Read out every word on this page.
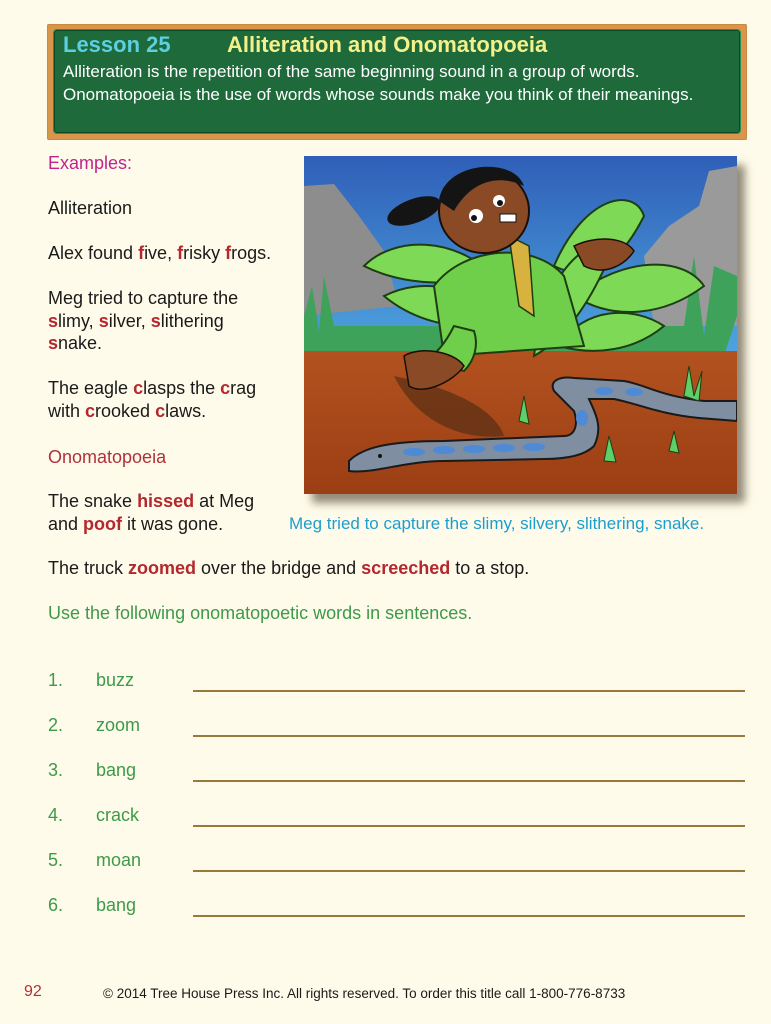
Lesson 25	Alliteration and Onomatopoeia
Alliteration is the repetition of the same beginning sound in a group of words. Onomatopoeia is the use of words whose sounds make you think of their meanings.
Examples:
Alliteration
Alex found five, frisky frogs.
Meg tried to capture the
slimy, silver, slithering
snake.
The eagle clasps the crag
with crooked claws.
Onomatopoeia
The snake hissed at Meg
and poof it was gone.
The truck zoomed over the bridge and screeched to a stop.
Meg tried to capture the slimy, silvery, slithering, snake.
Use the following onomatopoetic words in sentences.
1. buzz
2. zoom
3. bang
4. crack
5. moan
6. bang
92	© 2014 Tree House Press Inc. All rights reserved. To order this title call 1-800-776-8733
